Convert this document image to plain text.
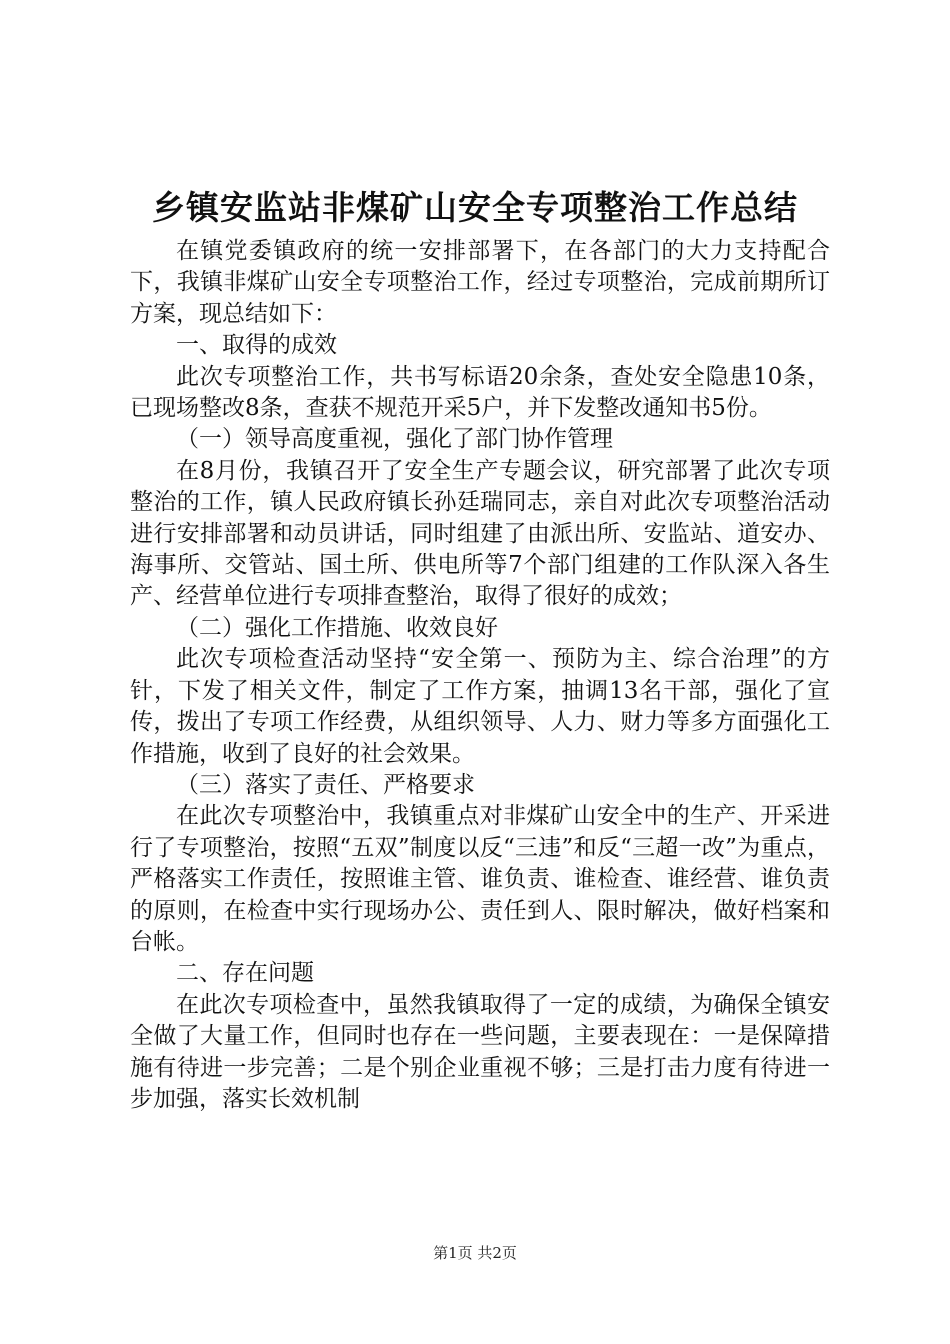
乡镇安监站非煤矿山安全专项整治工作总结

在镇党委镇政府的统一安排部署下，在各部门的大力支持配合下，我镇非煤矿山安全专项整治工作，经过专项整治，完成前期所订方案，现总结如下：

一、取得的成效

此次专项整治工作，共书写标语20余条，查处安全隐患10条，已现场整改8条，查获不规范开采5户，并下发整改通知书5份。

（一）领导高度重视，强化了部门协作管理

在8月份，我镇召开了安全生产专题会议，研究部署了此次专项整治的工作，镇人民政府镇长孙廷瑞同志，亲自对此次专项整治活动进行安排部署和动员讲话，同时组建了由派出所、安监站、道安办、海事所、交管站、国土所、供电所等7个部门组建的工作队深入各生产、经营单位进行专项排查整治，取得了很好的成效；

（二）强化工作措施、收效良好

此次专项检查活动坚持“安全第一、预防为主、综合治理”的方针，下发了相关文件，制定了工作方案，抽调13名干部，强化了宣传，拨出了专项工作经费，从组织领导、人力、财力等多方面强化工作措施，收到了良好的社会效果。

（三）落实了责任、严格要求

在此次专项整治中，我镇重点对非煤矿山安全中的生产、开采进行了专项整治，按照“五双”制度以反“三违”和反“三超一改”为重点，严格落实工作责任，按照谁主管、谁负责、谁检查、谁经营、谁负责的原则，在检查中实行现场办公、责任到人、限时解决，做好档案和台帐。

二、存在问题

在此次专项检查中，虽然我镇取得了一定的成绩，为确保全镇安全做了大量工作，但同时也存在一些问题，主要表现在：一是保障措施有待进一步完善；二是个别企业重视不够；三是打击力度有待进一步加强，落实长效机制

第1页 共2页
